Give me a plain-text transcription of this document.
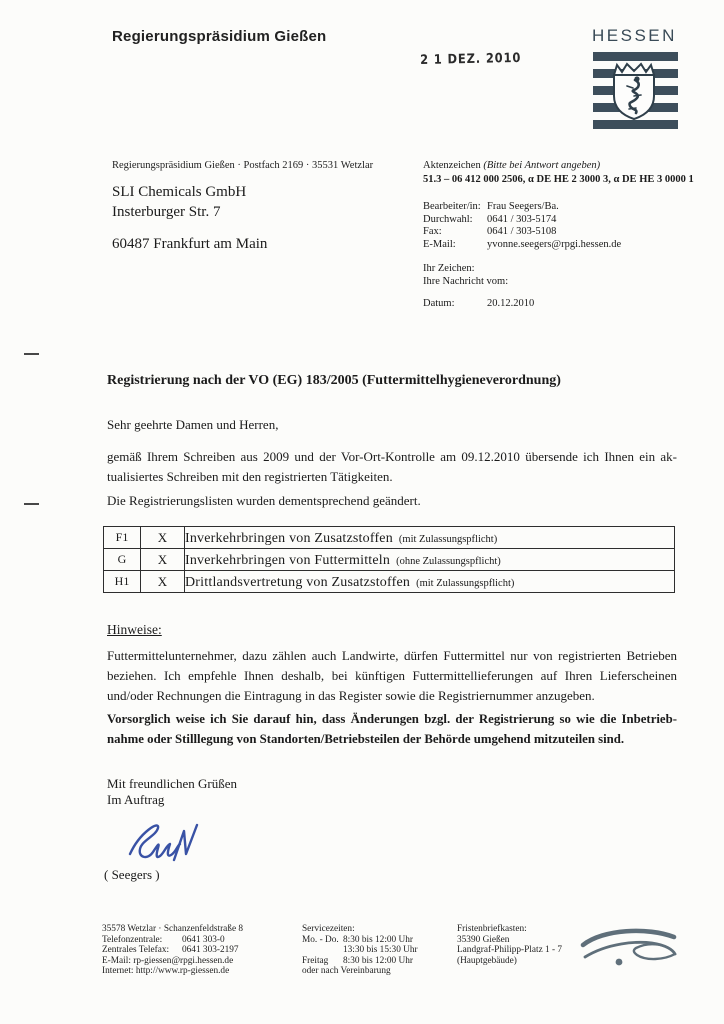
Regierungspräsidium Gießen
2 1 DEZ. 2010
HESSEN
Regierungspräsidium Gießen · Postfach 2169 · 35531 Wetzlar
SLI Chemicals GmbH
Insterburger Str. 7
60487 Frankfurt am Main
Aktenzeichen (Bitte bei Antwort angeben)
51.3 – 06 412 000 2506, α DE HE 2 3000 3, α DE HE 3 0000 1
Bearbeiter/in: Frau Seegers/Ba.
Durchwahl:	0641 / 303-5174
Fax:	0641 / 303-5108
E-Mail:	yvonne.seegers@rpgi.hessen.de
Ihr Zeichen:
Ihre Nachricht vom:
Datum:	20.12.2010
Registrierung nach der VO (EG) 183/2005 (Futtermittelhygieneverordnung)
Sehr geehrte Damen und Herren,
gemäß Ihrem Schreiben aus 2009 und der Vor-Ort-Kontrolle am 09.12.2010 übersende ich Ihnen ein ak-
tualisiertes Schreiben mit den registrierten Tätigkeiten.
Die Registrierungslisten wurden dementsprechend geändert.
F1	X	Inverkehrbringen von Zusatzstoffen (mit Zulassungspflicht)
G	X	Inverkehrbringen von Futtermitteln (ohne Zulassungspflicht)
H1	X	Drittlandsvertretung von Zusatzstoffen (mit Zulassungspflicht)
Hinweise:
Futtermittelunternehmer, dazu zählen auch Landwirte, dürfen Futtermittel nur von registrierten Betrieben
beziehen. Ich empfehle Ihnen deshalb, bei künftigen Futtermittellieferungen auf Ihren Lieferscheinen
und/oder Rechnungen die Eintragung in das Register sowie die Registriernummer anzugeben.
Vorsorglich weise ich Sie darauf hin, dass Änderungen bzgl. der Registrierung so wie die Inbetrieb-
nahme oder Stilllegung von Standorten/Betriebsteilen der Behörde umgehend mitzuteilen sind.
Mit freundlichen Grüßen
Im Auftrag
( Seegers )
35578 Wetzlar · Schanzenfeldstraße 8
Telefonzentrale:	0641 303-0
Zentrales Telefax:	0641 303-2197
E-Mail: rp-giessen@rpgi.hessen.de
Internet: http://www.rp-giessen.de
Servicezeiten:
Mo. - Do. 8:30 bis 12:00 Uhr
13:30 bis 15:30 Uhr
Freitag	8:30 bis 12:00 Uhr
oder nach Vereinbarung
Fristenbriefkasten:
35390 Gießen
Landgraf-Philipp-Platz 1 - 7
(Hauptgebäude)
